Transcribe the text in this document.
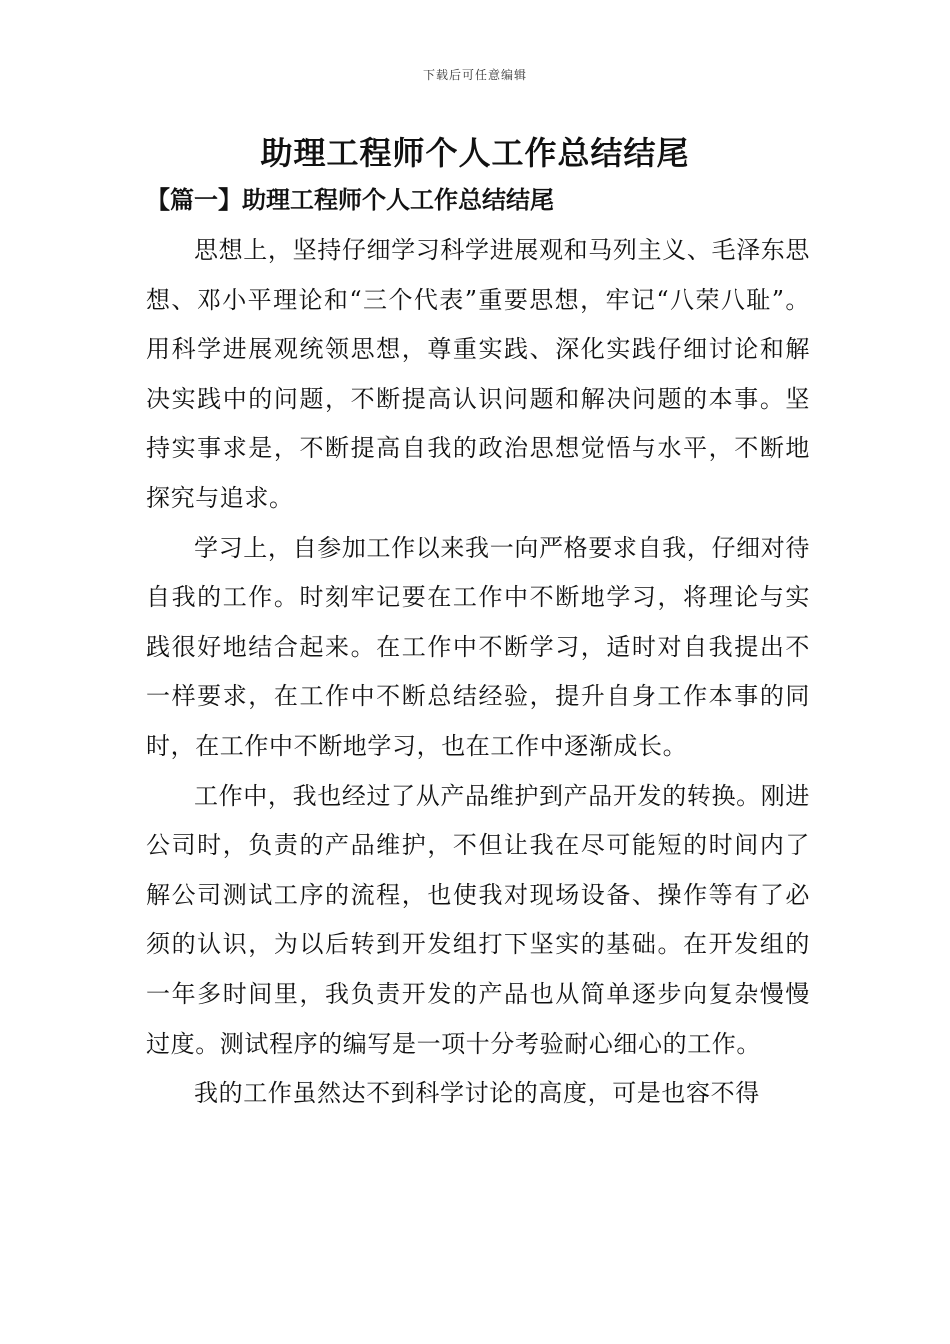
下载后可任意编辑
助理工程师个人工作总结结尾
【篇一】助理工程师个人工作总结结尾

思想上，坚持仔细学习科学进展观和马列主义、毛泽东思想、邓小平理论和“三个代表”重要思想，牢记“八荣八耻”。用科学进展观统领思想，尊重实践、深化实践仔细讨论和解决实践中的问题，不断提高认识问题和解决问题的本事。坚持实事求是，不断提高自我的政治思想觉悟与水平，不断地探究与追求。

学习上，自参加工作以来我一向严格要求自我，仔细对待自我的工作。时刻牢记要在工作中不断地学习，将理论与实践很好地结合起来。在工作中不断学习，适时对自我提出不一样要求，在工作中不断总结经验，提升自身工作本事的同时，在工作中不断地学习，也在工作中逐渐成长。

工作中，我也经过了从产品维护到产品开发的转换。刚进公司时，负责的产品维护，不但让我在尽可能短的时间内了解公司测试工序的流程，也使我对现场设备、操作等有了必须的认识，为以后转到开发组打下坚实的基础。在开发组的一年多时间里，我负责开发的产品也从简单逐步向复杂慢慢过度。测试程序的编写是一项十分考验耐心细心的工作。

我的工作虽然达不到科学讨论的高度，可是也容不得
